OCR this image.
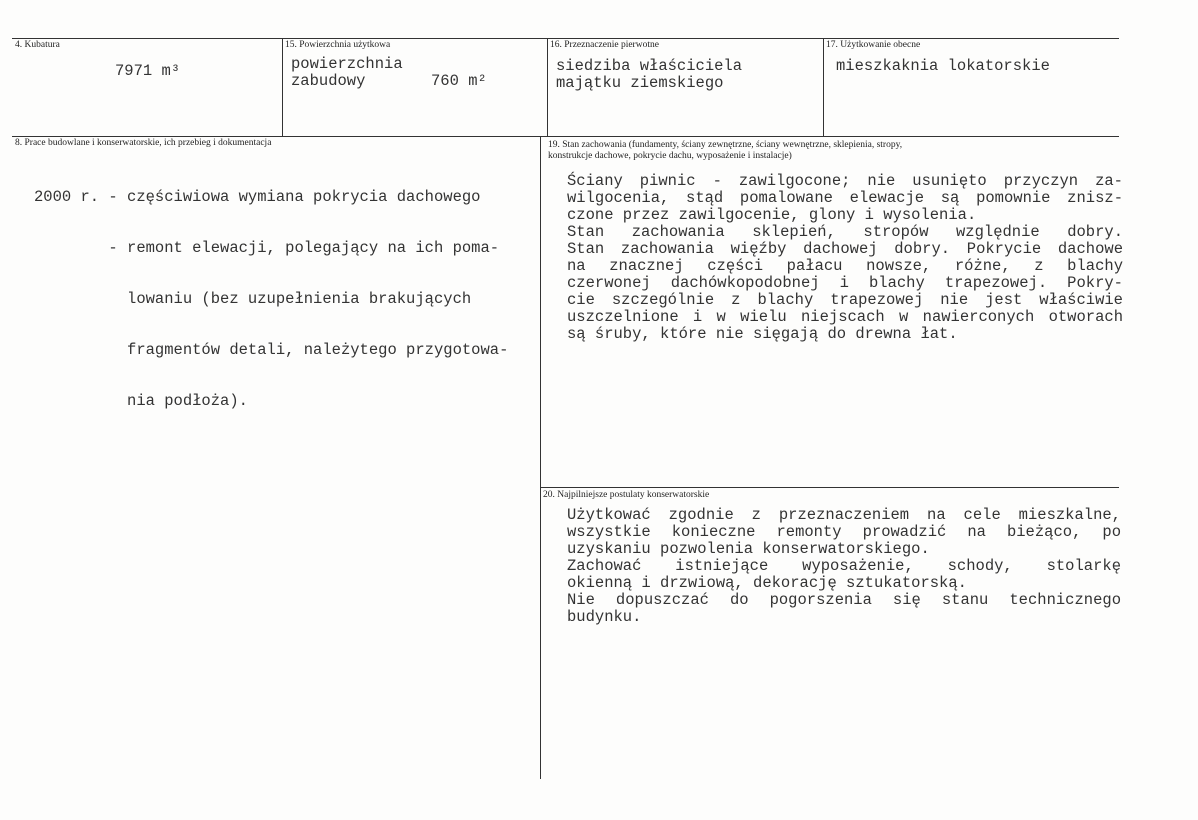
4. Kubatura
7971 m³
15. Powierzchnia użytkowa
powierzchnia
zabudowy	760 m²
16. Przeznaczenie pierwotne
siedziba właściciela
majątku ziemskiego
17. Użytkowanie obecne
mieszkaknia lokatorskie
8. Prace budowlane i konserwatorskie, ich przebieg i dokumentacja

2000 r. - częściwiowa wymiana pokrycia dachowego

- remont elewacji, polegający na ich poma-

lowaniu (bez uzupełnienia brakujących

fragmentów detali, należytego przygotowa-

nia podłoża).

19. Stan zachowania (fundamenty, ściany zewnętrzne, ściany wewnętrzne, sklepienia, stropy,
konstrukcje dachowe, pokrycie dachu, wyposażenie i instalacje)
Ściany piwnic - zawilgocone; nie usunięto przyczyn za-
wilgocenia, stąd pomalowane elewacje są pomownie znisz-
czone przez zawilgocenie, glony i wysolenia.
Stan zachowania sklepień, stropów względnie dobry.
Stan zachowania więźby dachowej dobry. Pokrycie dachowe
na znacznej części pałacu nowsze, różne, z blachy
czerwonej dachówkopodobnej i blachy trapezowej. Pokry-
cie szczególnie z blachy trapezowej nie jest właściwie
uszczelnione i w wielu niejscach w nawierconych otworach
są śruby, które nie sięgają do drewna łat.
20. Najpilniejsze postulaty konserwatorskie
Użytkować zgodnie z przeznaczeniem na cele mieszkalne,
wszystkie konieczne remonty prowadzić na bieżąco, po
uzyskaniu pozwolenia konserwatorskiego.
Zachować istniejące wyposażenie, schody, stolarkę
okienną i drzwiową, dekorację sztukatorską.
Nie dopuszczać do pogorszenia się stanu technicznego
budynku.
